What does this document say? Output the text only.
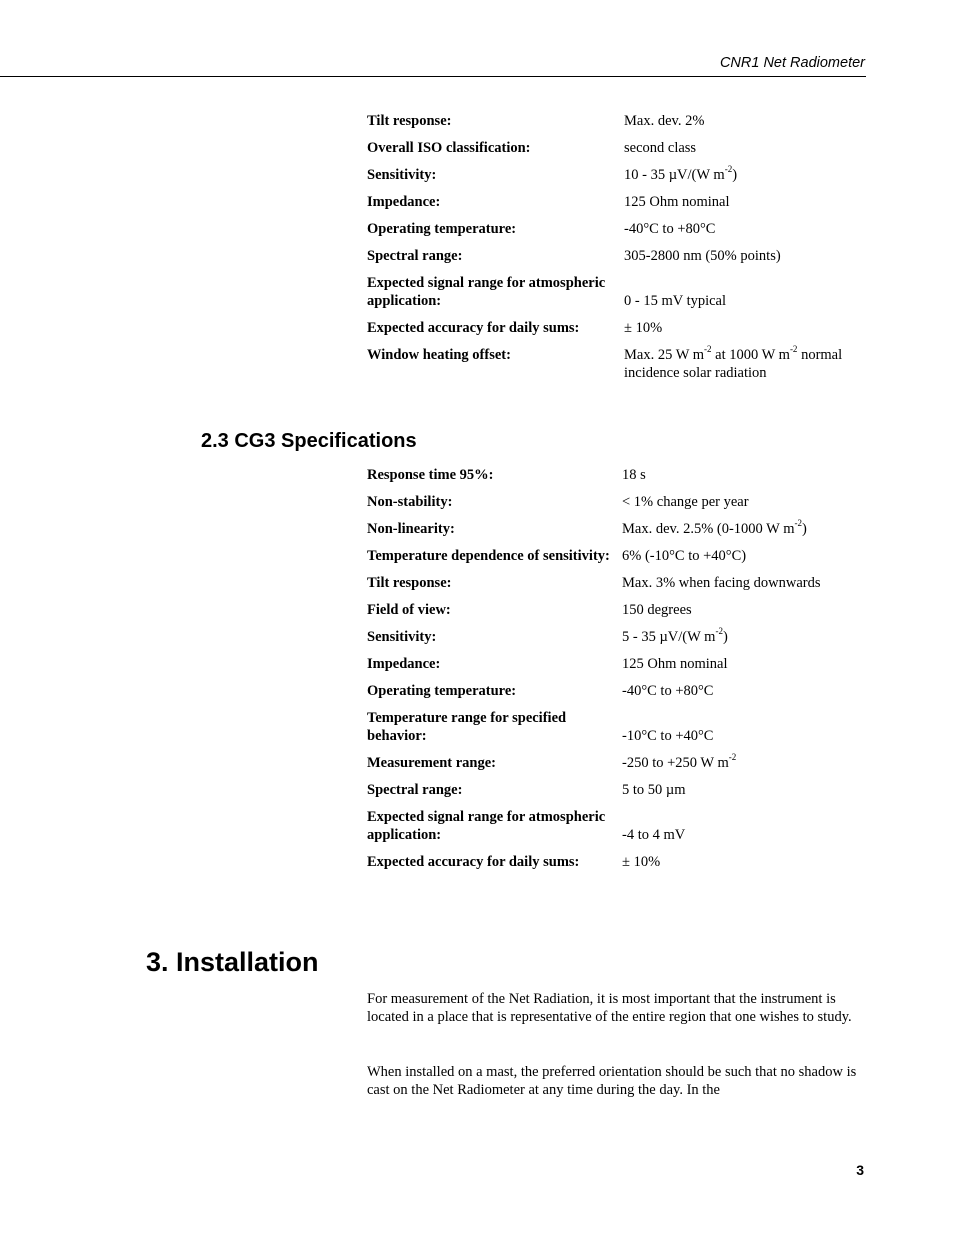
CNR1 Net Radiometer
Tilt response:	Max. dev. 2%
Overall ISO classification:	second class
Sensitivity:	10 - 35 µV/(W $m^{-2}$)
Impedance:	125 Ohm nominal
Operating temperature:	-40°C to +80°C
Spectral range:	305-2800 nm (50% points)
Expected signal range for atmospheric application:	0 - 15 mV typical
Expected accuracy for daily sums:	± 10%
Window heating offset:	Max. 25 W $m^{-2}$ at 1000 W $m^{-2}$ normal incidence solar radiation
2.3 CG3 Specifications
Response time 95%:	18 s
Non-stability:	< 1% change per year
Non-linearity:	Max. dev. 2.5% (0-1000 W $m^{-2}$)
Temperature dependence of sensitivity: 6% (-10°C to +40°C)
Tilt response:	Max. 3% when facing downwards
Field of view:	150 degrees
Sensitivity:	5 - 35 µV/(W $m^{-2}$)
Impedance:	125 Ohm nominal
Operating temperature:	-40°C to +80°C
Temperature range for specified behavior:	-10°C to +40°C
Measurement range:	-250 to +250 W $m^{-2}$
Spectral range:	5 to 50 µm
Expected signal range for atmospheric application:	-4 to 4 mV
Expected accuracy for daily sums:	± 10%
3. Installation

For measurement of the Net Radiation, it is most important that the instrument is located in a place that is representative of the entire region that one wishes to study.

When installed on a mast, the preferred orientation should be such that no shadow is cast on the Net Radiometer at any time during the day. In the

3
